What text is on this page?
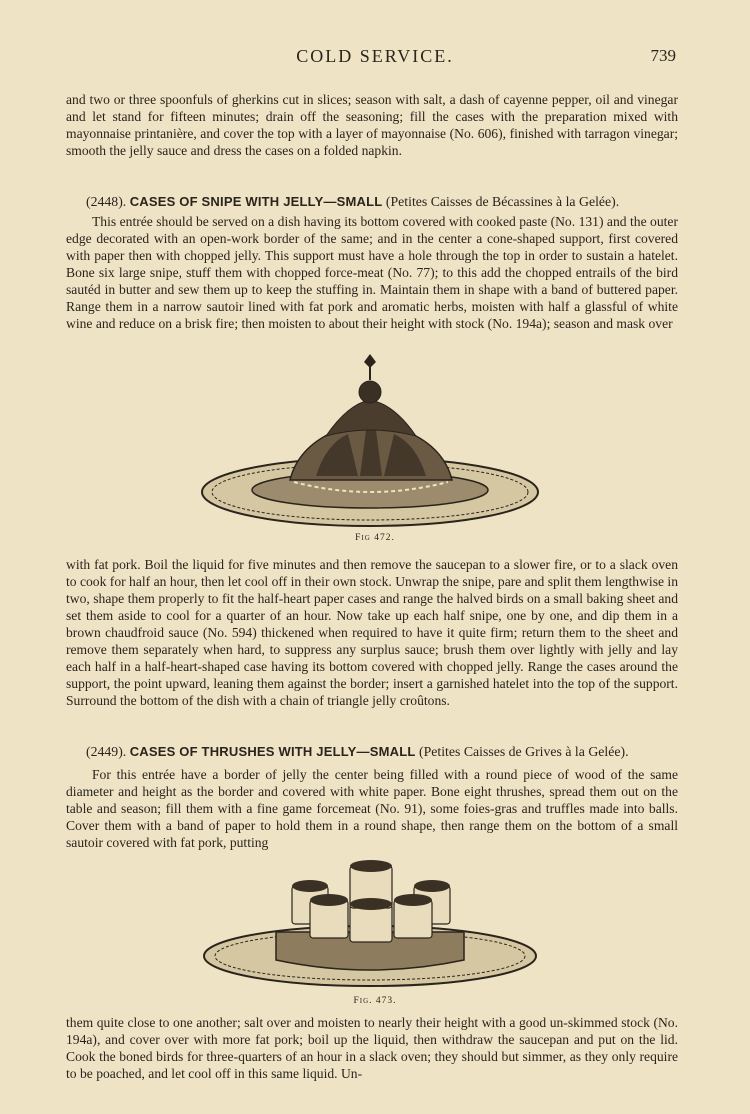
COLD SERVICE.	739

and two or three spoonfuls of gherkins cut in slices; season with salt, a dash of cayenne pepper, oil and vinegar and let stand for fifteen minutes; drain off the seasoning; fill the cases with the preparation mixed with mayonnaise printanière, and cover the top with a layer of mayonnaise (No. 606), finished with tarragon vinegar; smooth the jelly sauce and dress the cases on a folded napkin.

(2448). CASES OF SNIPE WITH JELLY—SMALL (Petites Caisses de Bécassines à la Gelée).

This entrée should be served on a dish having its bottom covered with cooked paste (No. 131) and the outer edge decorated with an open-work border of the same; and in the center a cone-shaped support, first covered with paper then with chopped jelly. This support must have a hole through the top in order to sustain a hatelet. Bone six large snipe, stuff them with chopped force-meat (No. 77); to this add the chopped entrails of the bird sautéd in butter and sew them up to keep the stuffing in. Maintain them in shape with a band of buttered paper. Range them in a narrow sautoir lined with fat pork and aromatic herbs, moisten with half a glassful of white wine and reduce on a brisk fire; then moisten to about their height with stock (No. 194a); season and mask over

Fig 472.

with fat pork. Boil the liquid for five minutes and then remove the saucepan to a slower fire, or to a slack oven to cook for half an hour, then let cool off in their own stock. Unwrap the snipe, pare and split them lengthwise in two, shape them properly to fit the half-heart paper cases and range the halved birds on a small baking sheet and set them aside to cool for a quarter of an hour. Now take up each half snipe, one by one, and dip them in a brown chaudfroid sauce (No. 594) thickened when required to have it quite firm; return them to the sheet and remove them separately when hard, to suppress any surplus sauce; brush them over lightly with jelly and lay each half in a half-heart-shaped case having its bottom covered with chopped jelly. Range the cases around the support, the point upward, leaning them against the border; insert a garnished hatelet into the top of the support. Surround the bottom of the dish with a chain of triangle jelly croûtons.

(2449). CASES OF THRUSHES WITH JELLY—SMALL (Petites Caisses de Grives à la Gelée).

For this entrée have a border of jelly the center being filled with a round piece of wood of the same diameter and height as the border and covered with white paper. Bone eight thrushes, spread them out on the table and season; fill them with a fine game forcemeat (No. 91), some foies-gras and truffles made into balls. Cover them with a band of paper to hold them in a round shape, then range them on the bottom of a small sautoir covered with fat pork, putting

Fig. 473.

them quite close to one another; salt over and moisten to nearly their height with a good un-skimmed stock (No. 194a), and cover over with more fat pork; boil up the liquid, then withdraw the saucepan and put on the lid. Cook the boned birds for three-quarters of an hour in a slack oven; they should but simmer, as they only require to be poached, and let cool off in this same liquid. Un-
